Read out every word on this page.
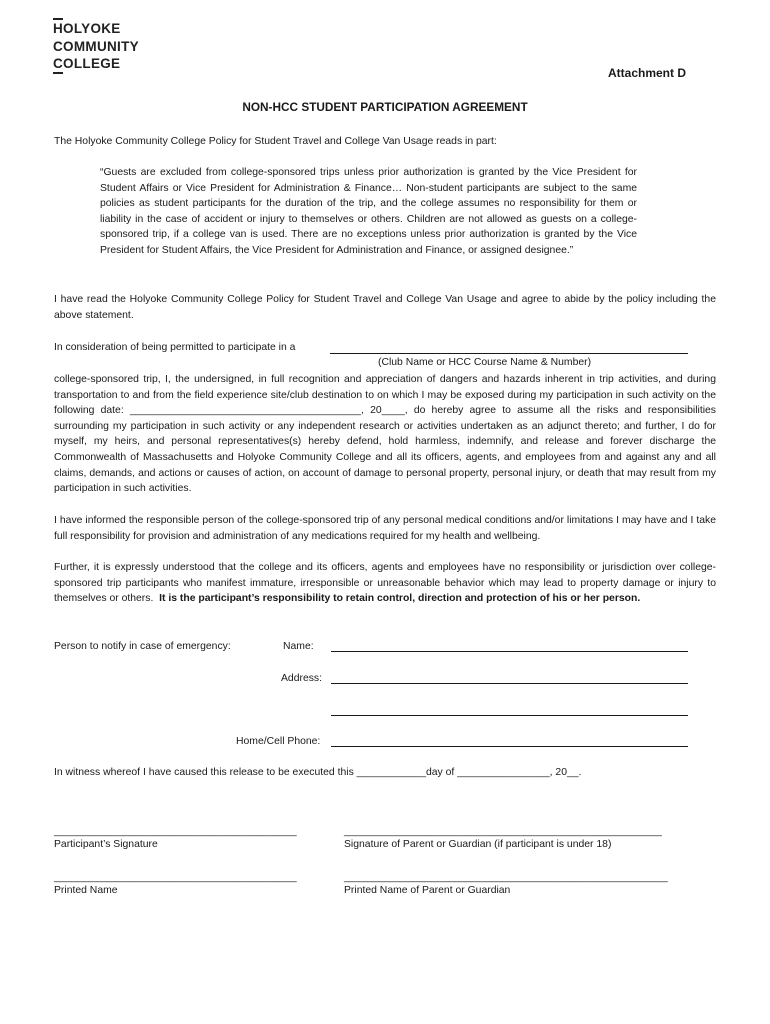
HOLYOKE
COMMUNITY
COLLEGE
Attachment D
NON-HCC STUDENT PARTICIPATION AGREEMENT
The Holyoke Community College Policy for Student Travel and College Van Usage reads in part:
“Guests are excluded from college-sponsored trips unless prior authorization is granted by the Vice President for Student Affairs or Vice President for Administration & Finance… Non-student participants are subject to the same policies as student participants for the duration of the trip, and the college assumes no responsibility for them or liability in the case of accident or injury to themselves or others. Children are not allowed as guests on a college-sponsored trip, if a college van is used. There are no exceptions unless prior authorization is granted by the Vice President for Student Affairs, the Vice President for Administration and Finance, or assigned designee.”
I have read the Holyoke Community College Policy for Student Travel and College Van Usage and agree to abide by the policy including the above statement.
In consideration of being permitted to participate in a
(Club Name or HCC Course Name & Number)
college-sponsored trip, I, the undersigned, in full recognition and appreciation of dangers and hazards inherent in trip activities, and during transportation to and from the field experience site/club destination to on which I may be exposed during my participation in such activity on the following date: ________________________________________, 20____, do hereby agree to assume all the risks and responsibilities surrounding my participation in such activity or any independent research or activities undertaken as an adjunct thereto; and further, I do for myself, my heirs, and personal representatives(s) hereby defend, hold harmless, indemnify, and release and forever discharge the Commonwealth of Massachusetts and Holyoke Community College and all its officers, agents, and employees from and against any and all claims, demands, and actions or causes of action, on account of damage to personal property, personal injury, or death that may result from my participation in such activities.
I have informed the responsible person of the college-sponsored trip of any personal medical conditions and/or limitations I may have and I take full responsibility for provision and administration of any medications required for my health and wellbeing.
Further, it is expressly understood that the college and its officers, agents and employees have no responsibility or jurisdiction over college-sponsored trip participants who manifest immature, irresponsible or unreasonable behavior which may lead to property damage or injury to themselves or others. It is the participant’s responsibility to retain control, direction and protection of his or her person.
Person to notify in case of emergency:	Name:
Address:
Home/Cell Phone:
In witness whereof I have caused this release to be executed this ____________day of ________________, 20__.
__________________________________________
Participant’s Signature
_______________________________________________________
Signature of Parent or Guardian (if participant is under 18)
__________________________________________
Printed Name
________________________________________________________
Printed Name of Parent or Guardian
